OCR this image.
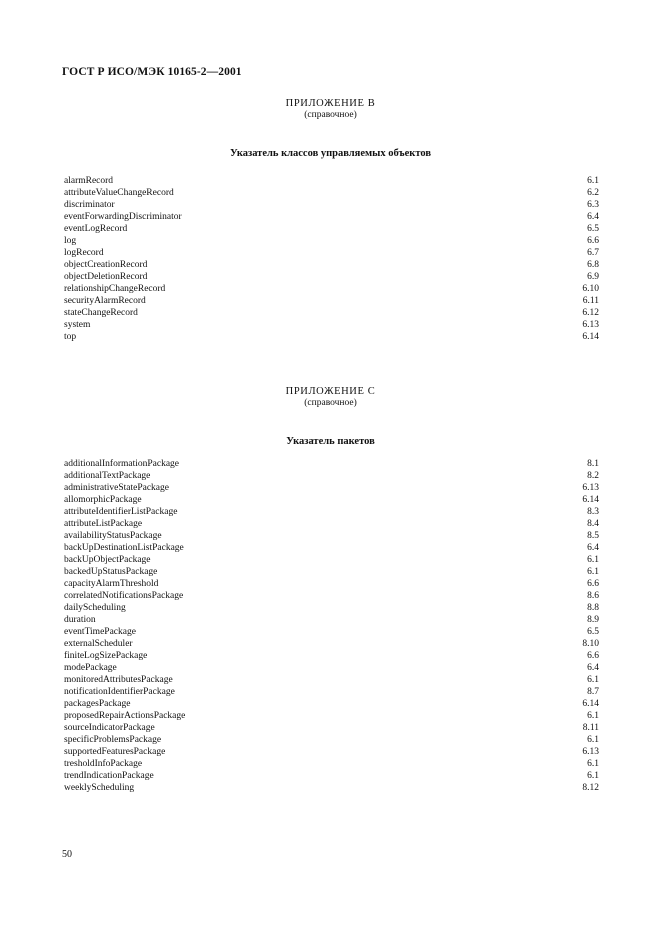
ГОСТ Р ИСО/МЭК 10165-2—2001
ПРИЛОЖЕНИЕ В
(справочное)
Указатель классов управляемых объектов
alarmRecord	6.1
attributeValueChangeRecord	6.2
discriminator	6.3
eventForwardingDiscriminator	6.4
eventLogRecord	6.5
log	6.6
logRecord	6.7
objectCreationRecord	6.8
objectDeletionRecord	6.9
relationshipChangeRecord	6.10
securityAlarmRecord	6.11
stateChangeRecord	6.12
system	6.13
top	6.14
ПРИЛОЖЕНИЕ С
(справочное)
Указатель пакетов
additionalInformationPackage	8.1
additionalTextPackage	8.2
administrativeStatePackage	6.13
allomorphicPackage	6.14
attributeIdentifierListPackage	8.3
attributeListPackage	8.4
availabilityStatusPackage	8.5
backUpDestinationListPackage	6.4
backUpObjectPackage	6.1
backedUpStatusPackage	6.1
capacityAlarmThreshold	6.6
correlatedNotificationsPackage	8.6
dailyScheduling	8.8
duration	8.9
eventTimePackage	6.5
externalScheduler	8.10
finiteLogSizePackage	6.6
modePackage	6.4
monitoredAttributesPackage	6.1
notificationIdentifierPackage	8.7
packagesPackage	6.14
proposedRepairActionsPackage	6.1
sourceIndicatorPackage	8.11
specificProblemsPackage	6.1
supportedFeaturesPackage	6.13
tresholdInfoPackage	6.1
trendIndicationPackage	6.1
weeklyScheduling	8.12
50
